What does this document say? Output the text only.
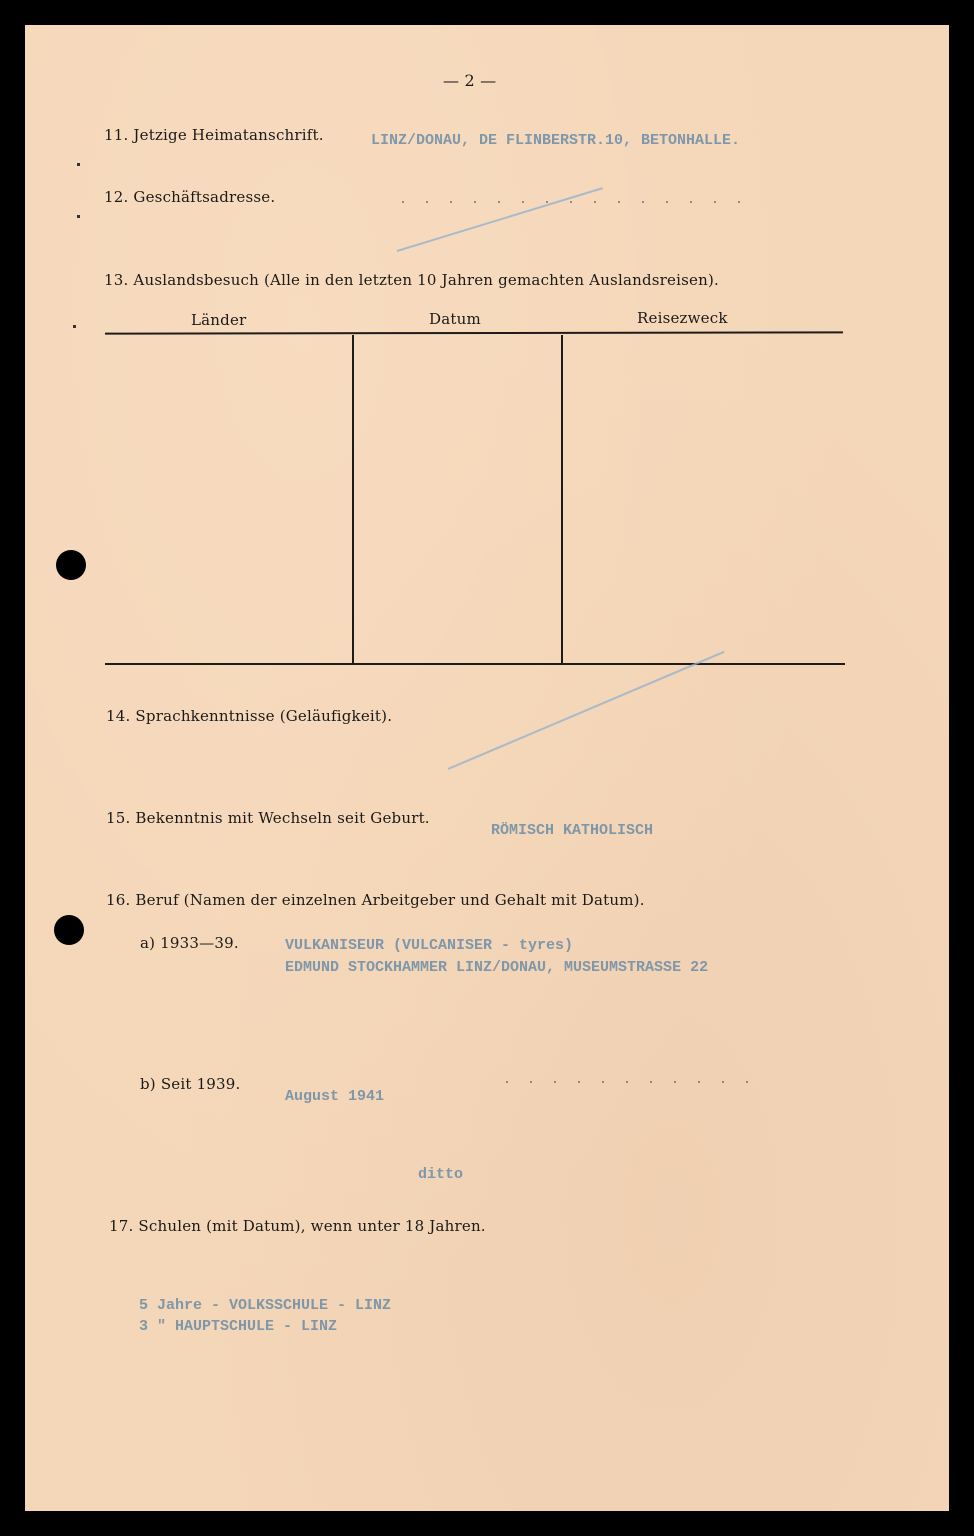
— 2 —
11. Jetzige Heimatanschrift.	LINZ/DONAU, DE FLINBERSTR.10, BETONHALLE.
12. Geschäftsadresse.
13. Auslandsbesuch (Alle in den letzten 10 Jahren gemachten Auslandsreisen).
Länder	Datum	Reisezweck
14. Sprachkenntnisse (Geläufigkeit).
15. Bekenntnis mit Wechseln seit Geburt.
RÖMISCH KATHOLISCH
16. Beruf (Namen der einzelnen Arbeitgeber und Gehalt mit Datum).
a) 1933—39.	VULKANISEUR (VULCANISER - tyres)
EDMUND STOCKHAMMER LINZ/DONAU, MUSEUMSTRASSE 22
b) Seit 1939.
August 1941
ditto
17. Schulen (mit Datum), wenn unter 18 Jahren.
5 Jahre - VOLKSSCHULE - LINZ
3 " HAUPTSCHULE - LINZ
